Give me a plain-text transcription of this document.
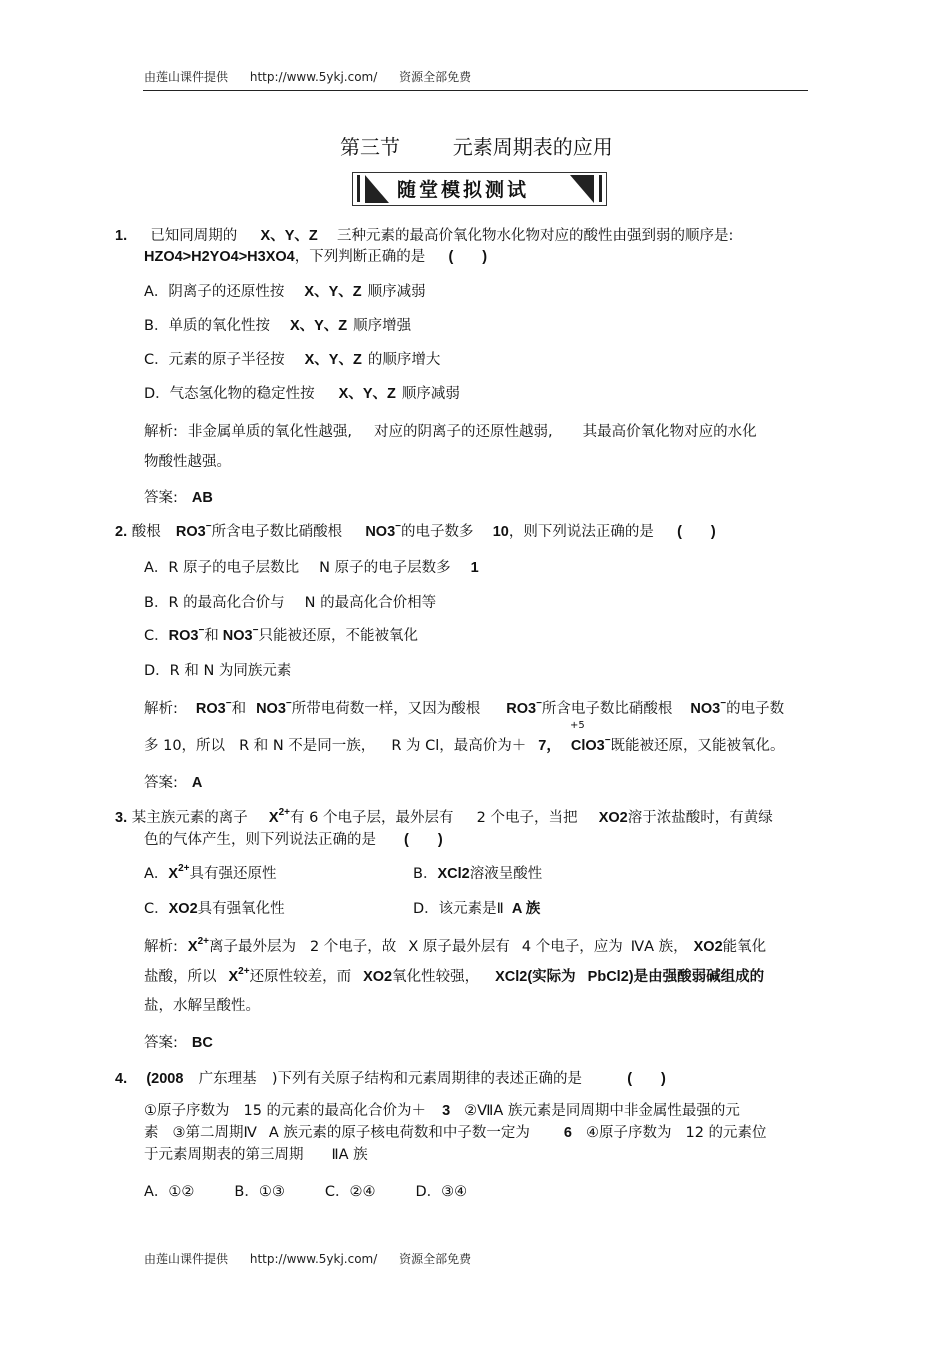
由莲山课件提供 http://www.5ykj.com/ 资源全部免费
第三节	元素周期表的应用
随堂模拟测试
1. 已知同周期的 X、Y、Z 三种元素的最高价氧化物水化物对应的酸性由强到弱的顺序是:
HZO4>H2YO4>H3XO4，下列判断正确的是 (　　)
A．阴离子的还原性按 X、Y、Z 顺序减弱
B．单质的氧化性按 X、Y、Z 顺序增强
C．元素的原子半径按 X、Y、Z 的顺序增大
D．气态氢化物的稳定性按 X、Y、Z 顺序减弱
解析: 非金属单质的氧化性越强, 对应的阴离子的还原性越弱, 其最高价氧化物对应的水化
物酸性越强。
答案: AB
2. 酸根 RO3−所含电子数比硝酸根 NO3−的电子数多 10，则下列说法正确的是 (　　)
A．R 原子的电子层数比 N 原子的电子层数多 1
B．R 的最高化合价与 N 的最高化合价相等
C．RO3−和 NO3−只能被还原，不能被氧化
D．R 和 N 为同族元素
解析: RO3−和 NO3−所带电荷数一样，又因为酸根 RO3−所含电子数比硝酸根 NO3−的电子数
+5
多 10，所以 R 和 N 不是同一族， R 为 Cl，最高价为＋ 7， ClO3−既能被还原，又能被氧化。
答案: A
3. 某主族元素的离子 $X^{2+}$有 6 个电子层，最外层有 2 个电子，当把 XO2溶于浓盐酸时，有黄绿
色的气体产生，则下列说法正确的是 (　　)
A．$X^{2+}$具有强还原性	B．XCl2溶液呈酸性
C．XO2具有强氧化性	D．该元素是Ⅱ A 族
解析: $X^{2+}$离子最外层为 2 个电子，故 X 原子最外层有 4 个电子，应为 ⅣA 族， XO2能氧化
盐酸，所以 $X^{2+}$还原性较差，而 XO2氧化性较强， XCl2(实际为 PbCl2)是由强酸弱碱组成的
盐，水解呈酸性。
答案: BC
4. (2008 广东理基 )下列有关原子结构和元素周期律的表述正确的是	(　　)
①原子序数为 15 的元素的最高化合价为＋ 3 ②ⅦA 族元素是同周期中非金属性最强的元
素 ③第二周期Ⅳ A 族元素的原子核电荷数和中子数一定为 6 ④原子序数为 12 的元素位
于元素周期表的第三周期 ⅡA 族
A．①②	B．①③	C．②④	D．③④
由莲山课件提供 http://www.5ykj.com/ 资源全部免费
